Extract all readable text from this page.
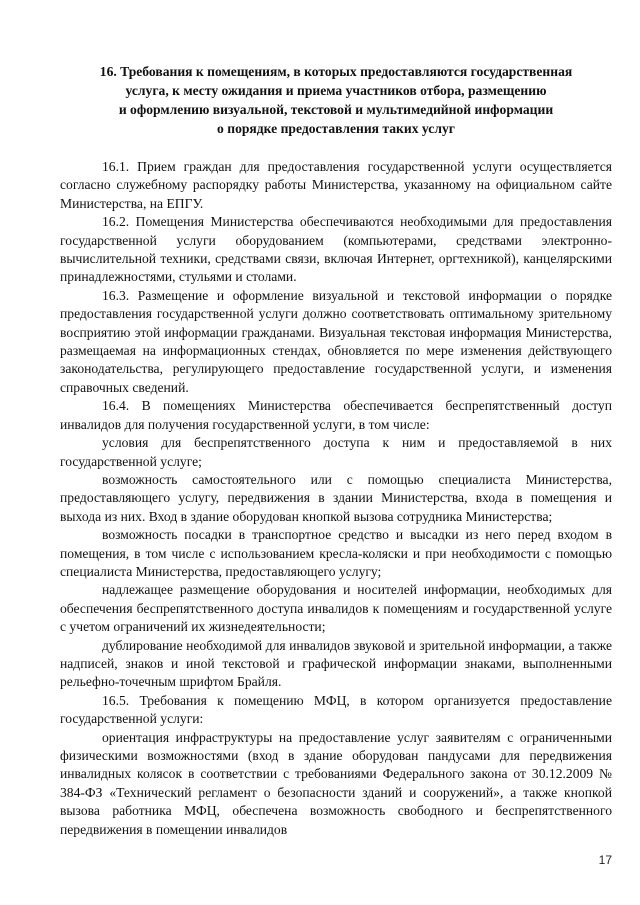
16. Требования к помещениям, в которых предоставляются государственная
услуга, к месту ожидания и приема участников отбора, размещению
и оформлению визуальной, текстовой и мультимедийной информации
о порядке предоставления таких услуг

16.1. Прием граждан для предоставления государственной услуги осуществляется согласно служебному распорядку работы Министерства, указанному на официальном сайте Министерства, на ЕПГУ.

16.2. Помещения Министерства обеспечиваются необходимыми для предоставления государственной услуги оборудованием (компьютерами, средствами электронно-вычислительной техники, средствами связи, включая Интернет, оргтехникой), канцелярскими принадлежностями, стульями и столами.

16.3. Размещение и оформление визуальной и текстовой информации о порядке предоставления государственной услуги должно соответствовать оптимальному зрительному восприятию этой информации гражданами. Визуальная текстовая информация Министерства, размещаемая на информационных стендах, обновляется по мере изменения действующего законодательства, регулирующего предоставление государственной услуги, и изменения справочных сведений.

16.4. В помещениях Министерства обеспечивается беспрепятственный доступ инвалидов для получения государственной услуги, в том числе:

условия для беспрепятственного доступа к ним и предоставляемой в них государственной услуге;

возможность самостоятельного или с помощью специалиста Министерства, предоставляющего услугу, передвижения в здании Министерства, входа в помещения и выхода из них. Вход в здание оборудован кнопкой вызова сотрудника Министерства;

возможность посадки в транспортное средство и высадки из него перед входом в помещения, в том числе с использованием кресла-коляски и при необходимости с помощью специалиста Министерства, предоставляющего услугу;

надлежащее размещение оборудования и носителей информации, необходимых для обеспечения беспрепятственного доступа инвалидов к помещениям и государственной услуге с учетом ограничений их жизнедеятельности;

дублирование необходимой для инвалидов звуковой и зрительной информации, а также надписей, знаков и иной текстовой и графической информации знаками, выполненными рельефно-точечным шрифтом Брайля.

16.5. Требования к помещению МФЦ, в котором организуется предоставление государственной услуги:

ориентация инфраструктуры на предоставление услуг заявителям с ограниченными физическими возможностями (вход в здание оборудован пандусами для передвижения инвалидных колясок в соответствии с требованиями Федерального закона от 30.12.2009 № 384-ФЗ «Технический регламент о безопасности зданий и сооружений», а также кнопкой вызова работника МФЦ, обеспечена возможность свободного и беспрепятственного передвижения в помещении инвалидов

17
